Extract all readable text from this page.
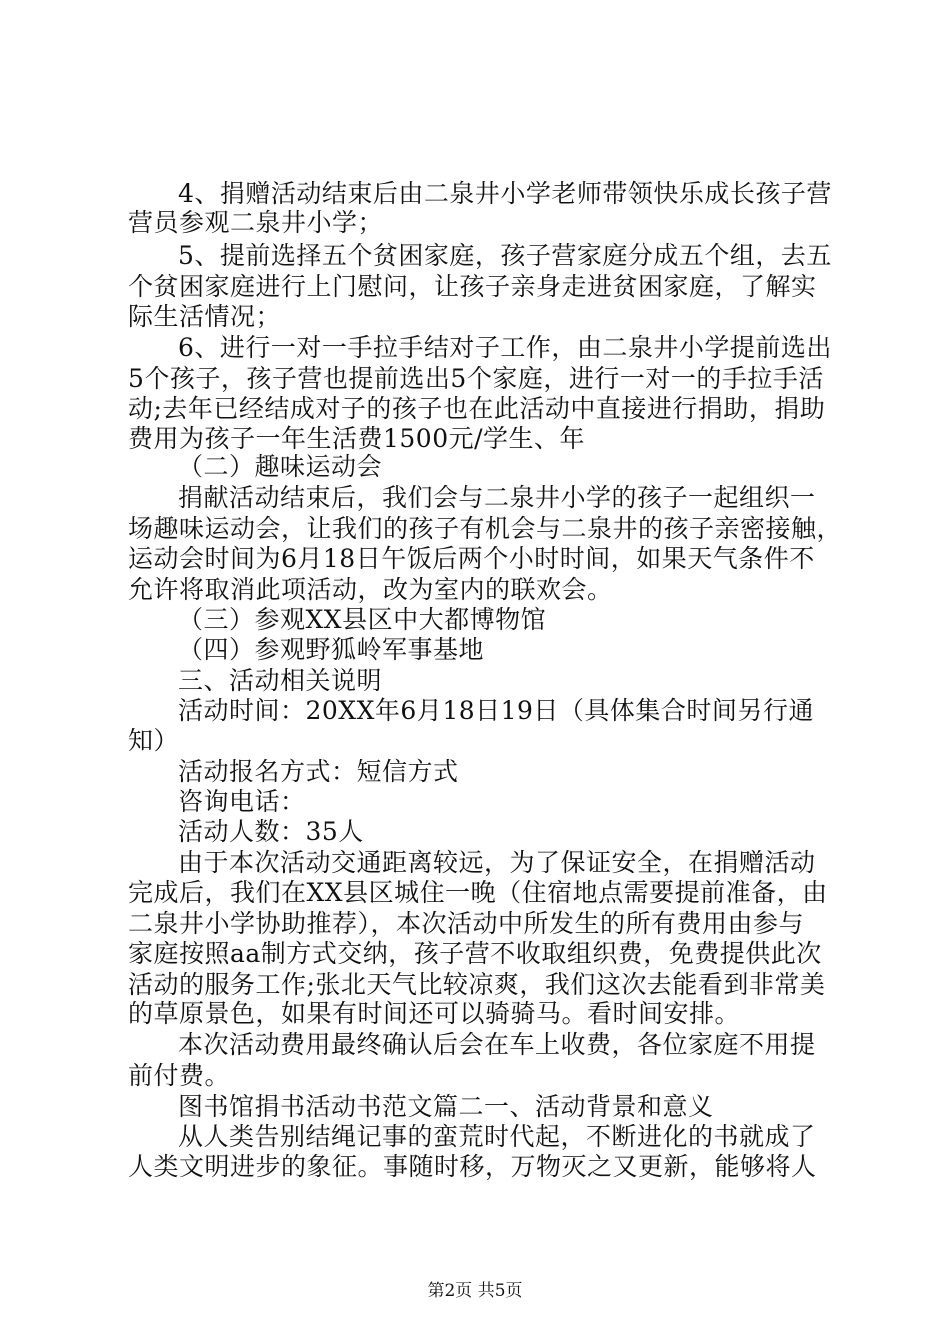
4、捐赠活动结束后由二泉井小学老师带领快乐成长孩子营
营员参观二泉井小学；
5、提前选择五个贫困家庭，孩子营家庭分成五个组，去五
个贫困家庭进行上门慰问，让孩子亲身走进贫困家庭，了解实
际生活情况；
6、进行一对一手拉手结对子工作，由二泉井小学提前选出
5个孩子，孩子营也提前选出5个家庭，进行一对一的手拉手活
动;去年已经结成对子的孩子也在此活动中直接进行捐助，捐助
费用为孩子一年生活费1500元/学生、年
（二）趣味运动会
捐献活动结束后，我们会与二泉井小学的孩子一起组织一
场趣味运动会，让我们的孩子有机会与二泉井的孩子亲密接触，
运动会时间为6月18日午饭后两个小时时间，如果天气条件不
允许将取消此项活动，改为室内的联欢会。
（三）参观XX县区中大都博物馆
（四）参观野狐岭军事基地
三、活动相关说明
活动时间：20XX年6月18日19日（具体集合时间另行通
知）
活动报名方式：短信方式
咨询电话：
活动人数：35人
由于本次活动交通距离较远，为了保证安全，在捐赠活动
完成后，我们在XX县区城住一晚（住宿地点需要提前准备，由
二泉井小学协助推荐），本次活动中所发生的所有费用由参与
家庭按照aa制方式交纳，孩子营不收取组织费，免费提供此次
活动的服务工作;张北天气比较凉爽，我们这次去能看到非常美
的草原景色，如果有时间还可以骑骑马。看时间安排。
本次活动费用最终确认后会在车上收费，各位家庭不用提
前付费。
图书馆捐书活动书范文篇二一、活动背景和意义
从人类告别结绳记事的蛮荒时代起，不断进化的书就成了
人类文明进步的象征。事随时移，万物灭之又更新，能够将人
第2页 共5页
